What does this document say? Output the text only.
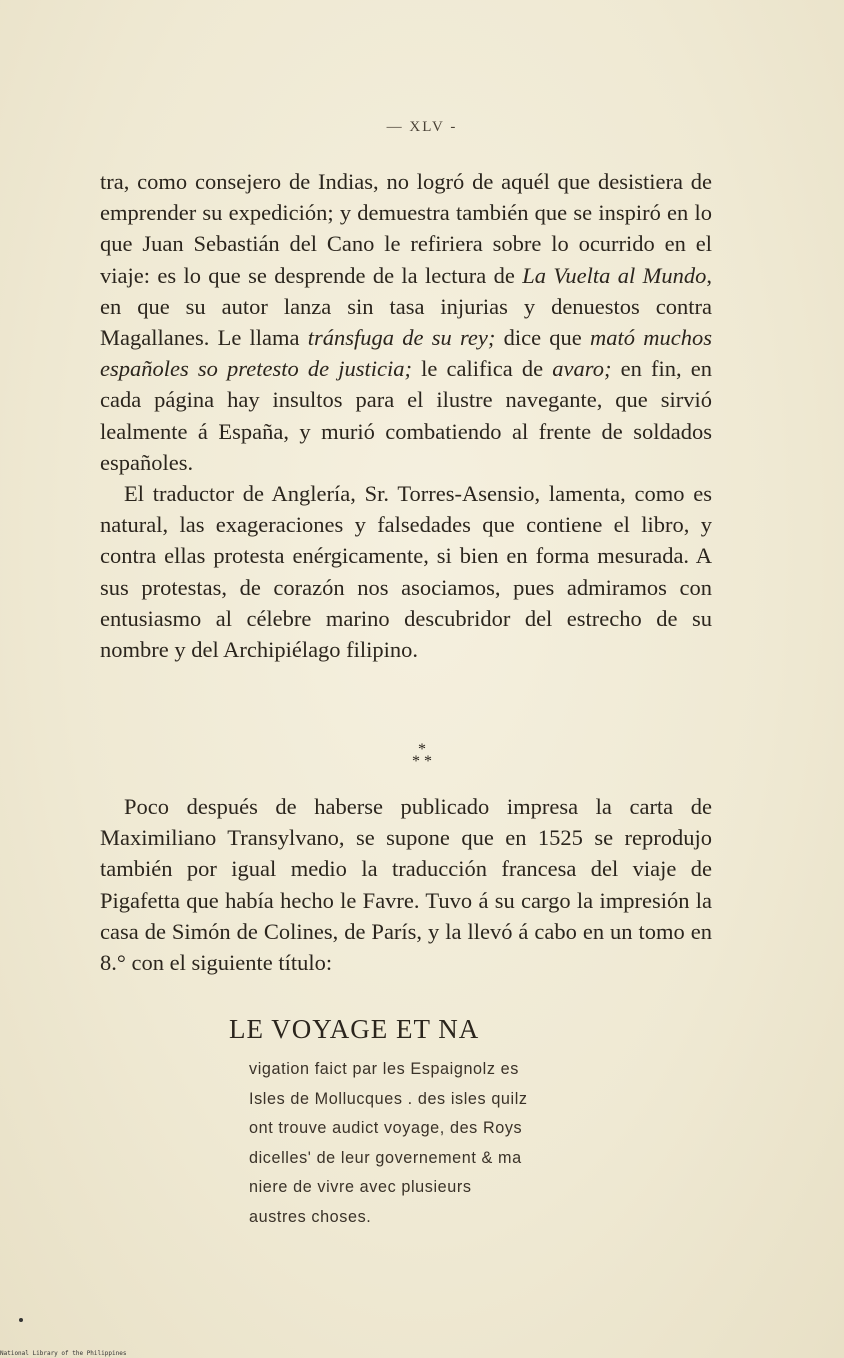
— XLV -

tra, como consejero de Indias, no logró de aquél que desistiera de emprender su expedición; y demuestra también que se inspiró en lo que Juan Sebastián del Cano le refiriera sobre lo ocurrido en el viaje: es lo que se desprende de la lectura de La Vuelta al Mundo, en que su autor lanza sin tasa injurias y denuestos contra Magallanes. Le llama tránsfuga de su rey; dice que mató muchos españoles so pretesto de justicia; le califica de avaro; en fin, en cada página hay insultos para el ilustre navegante, que sirvió lealmente á España, y murió combatiendo al frente de soldados españoles.

El traductor de Anglería, Sr. Torres-Asensio, lamenta, como es natural, las exageraciones y falsedades que contiene el libro, y contra ellas protesta enérgicamente, si bien en forma mesurada. A sus protestas, de corazón nos asociamos, pues admiramos con entusiasmo al célebre marino descubridor del estrecho de su nombre y del Archipiélago filipino.

*
* *

Poco después de haberse publicado impresa la carta de Maximiliano Transylvano, se supone que en 1525 se reprodujo también por igual medio la traducción francesa del viaje de Pigafetta que había hecho le Favre. Tuvo á su cargo la impresión la casa de Simón de Colines, de París, y la llevó á cabo en un tomo en 8.° con el siguiente título:

LE VOYAGE ET NA
vigation faict par les Espaignolz es
Isles de Mollucques . des isles quilz
ont trouve audict voyage, des Roys
dicelles' de leur governement & ma
niere de vivre avec plusieurs
austres choses.
National Library of the Philippines
